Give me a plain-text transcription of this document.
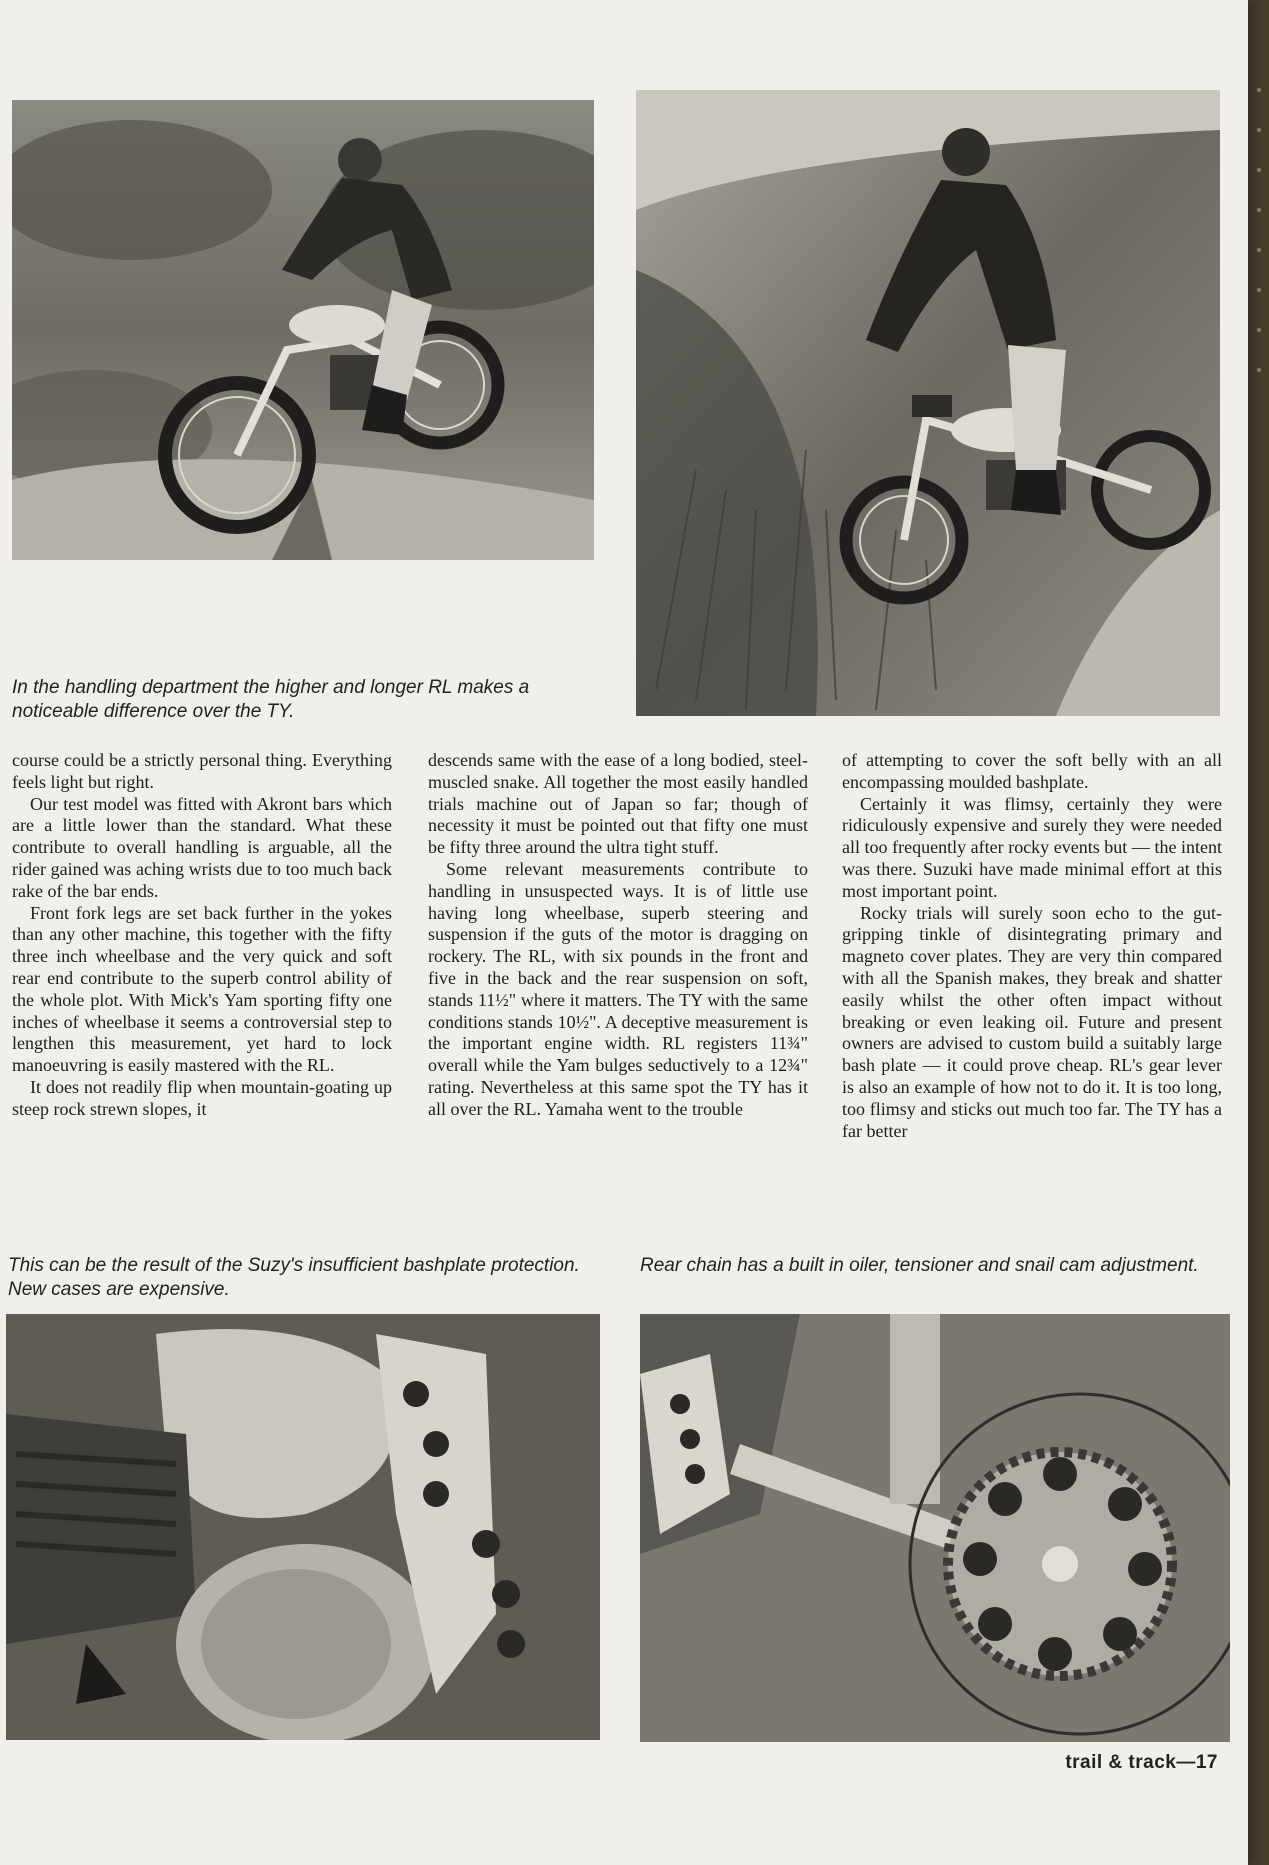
In the handling department the higher and longer RL makes a noticeable difference over the TY.

course could be a strictly personal thing. Everything feels light but right.

Our test model was fitted with Akront bars which are a little lower than the standard. What these contribute to overall handling is arguable, all the rider gained was aching wrists due to too much back rake of the bar ends.

Front fork legs are set back further in the yokes than any other machine, this together with the fifty three inch wheelbase and the very quick and soft rear end contribute to the superb control ability of the whole plot. With Mick's Yam sporting fifty one inches of wheelbase it seems a controversial step to lengthen this measurement, yet hard to lock manoeuvring is easily mastered with the RL.

It does not readily flip when mountain-goating up steep rock strewn slopes, it

descends same with the ease of a long bodied, steel-muscled snake. All together the most easily handled trials machine out of Japan so far; though of necessity it must be pointed out that fifty one must be fifty three around the ultra tight stuff.

Some relevant measurements contribute to handling in unsuspected ways. It is of little use having long wheelbase, superb steering and suspension if the guts of the motor is dragging on rockery. The RL, with six pounds in the front and five in the back and the rear suspension on soft, stands 11½" where it matters. The TY with the same conditions stands 10½". A deceptive measurement is the important engine width. RL registers 11¾" overall while the Yam bulges seductively to a 12¾" rating. Nevertheless at this same spot the TY has it all over the RL. Yamaha went to the trouble

of attempting to cover the soft belly with an all encompassing moulded bashplate.

Certainly it was flimsy, certainly they were ridiculously expensive and surely they were needed all too frequently after rocky events but — the intent was there. Suzuki have made minimal effort at this most important point.

Rocky trials will surely soon echo to the gut-gripping tinkle of disintegrating primary and magneto cover plates. They are very thin compared with all the Spanish makes, they break and shatter easily whilst the other often impact without breaking or even leaking oil. Future and present owners are advised to custom build a suitably large bash plate — it could prove cheap. RL's gear lever is also an example of how not to do it. It is too long, too flimsy and sticks out much too far. The TY has a far better

This can be the result of the Suzy's insufficient bashplate protection. New cases are expensive.
Rear chain has a built in oiler, tensioner and snail cam adjustment.
trail & track—17
